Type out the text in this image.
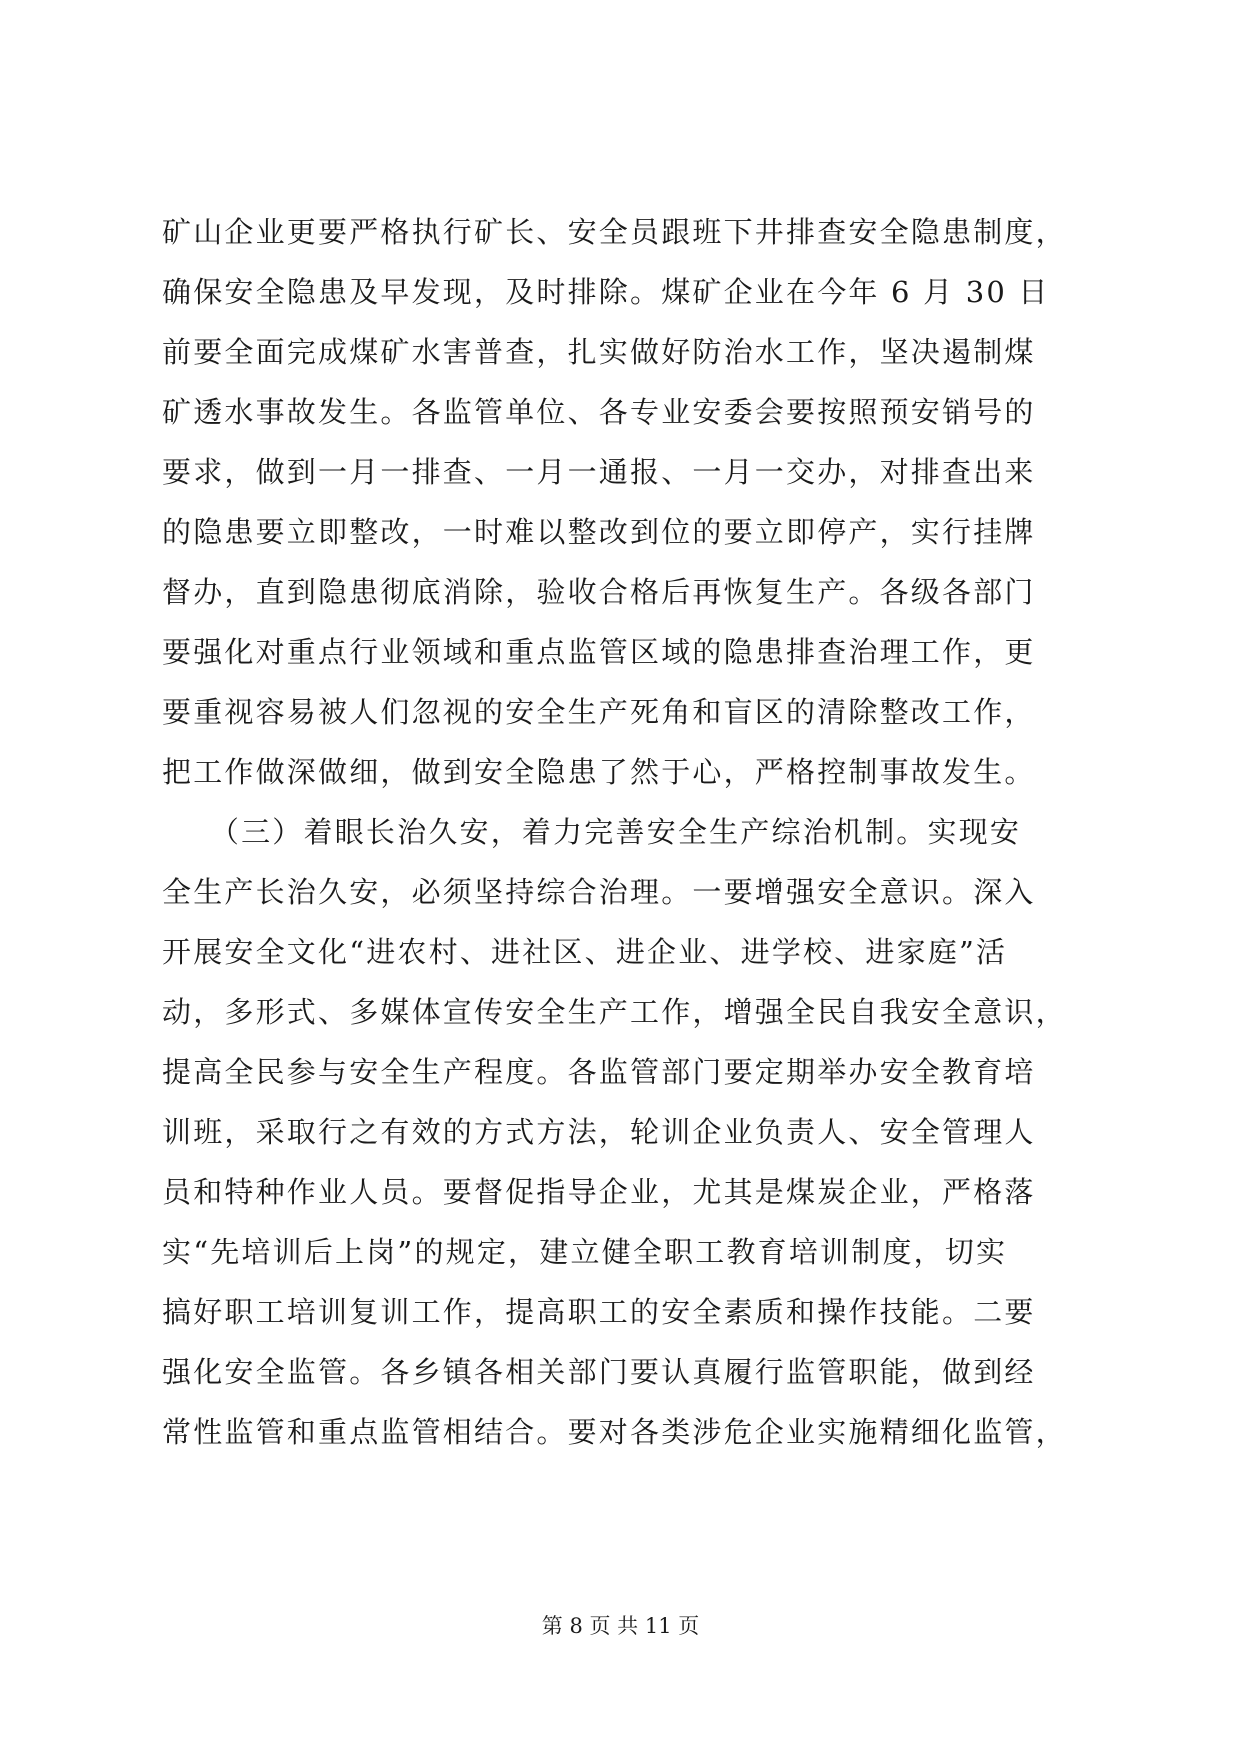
矿山企业更要严格执行矿长、安全员跟班下井排查安全隐患制度，
确保安全隐患及早发现，及时排除。煤矿企业在今年 6 月 30 日
前要全面完成煤矿水害普查，扎实做好防治水工作，坚决遏制煤
矿透水事故发生。各监管单位、各专业安委会要按照预安销号的
要求，做到一月一排查、一月一通报、一月一交办，对排查出来
的隐患要立即整改，一时难以整改到位的要立即停产，实行挂牌
督办，直到隐患彻底消除，验收合格后再恢复生产。各级各部门
要强化对重点行业领域和重点监管区域的隐患排查治理工作，更
要重视容易被人们忽视的安全生产死角和盲区的清除整改工作，
把工作做深做细，做到安全隐患了然于心，严格控制事故发生。
　　（三）着眼长治久安，着力完善安全生产综治机制。实现安
全生产长治久安，必须坚持综合治理。一要增强安全意识。深入
开展安全文化“进农村、进社区、进企业、进学校、进家庭”活
动，多形式、多媒体宣传安全生产工作，增强全民自我安全意识，
提高全民参与安全生产程度。各监管部门要定期举办安全教育培
训班，采取行之有效的方式方法，轮训企业负责人、安全管理人
员和特种作业人员。要督促指导企业，尤其是煤炭企业，严格落
实“先培训后上岗”的规定，建立健全职工教育培训制度，切实
搞好职工培训复训工作，提高职工的安全素质和操作技能。二要
强化安全监管。各乡镇各相关部门要认真履行监管职能，做到经
常性监管和重点监管相结合。要对各类涉危企业实施精细化监管，
第 8 页 共 11 页
